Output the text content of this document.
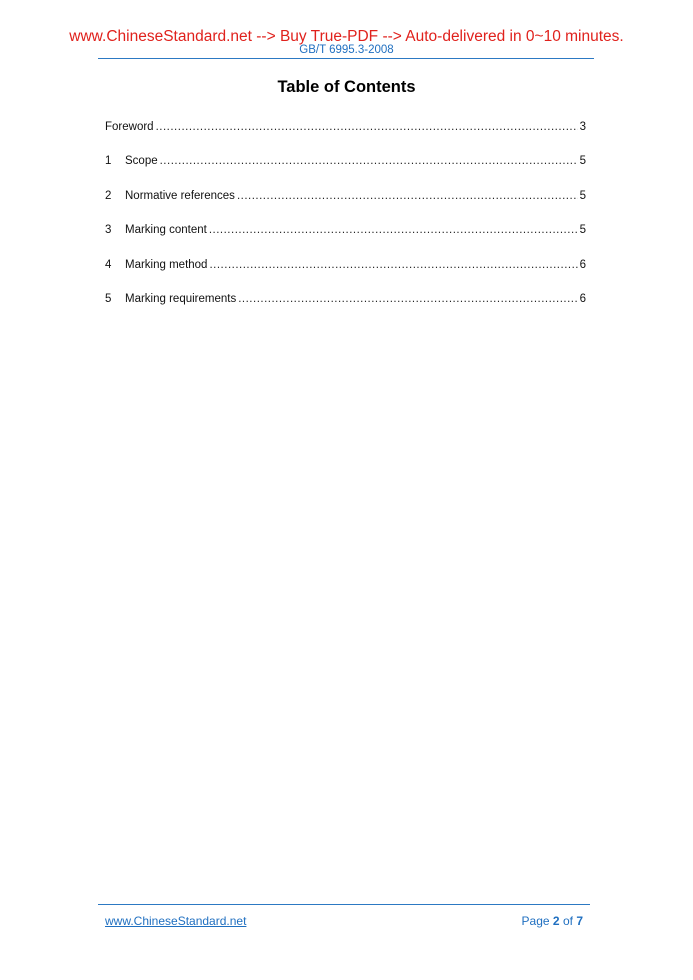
www.ChineseStandard.net --> Buy True-PDF --> Auto-delivered in 0~10 minutes.
GB/T 6995.3-2008
Table of Contents
Foreword .....	3
1	Scope .....	5
2	Normative references .....	5
3	Marking content .....	5
4	Marking method .....	6
5	Marking requirements .....	6
www.ChineseStandard.net	Page 2 of 7
